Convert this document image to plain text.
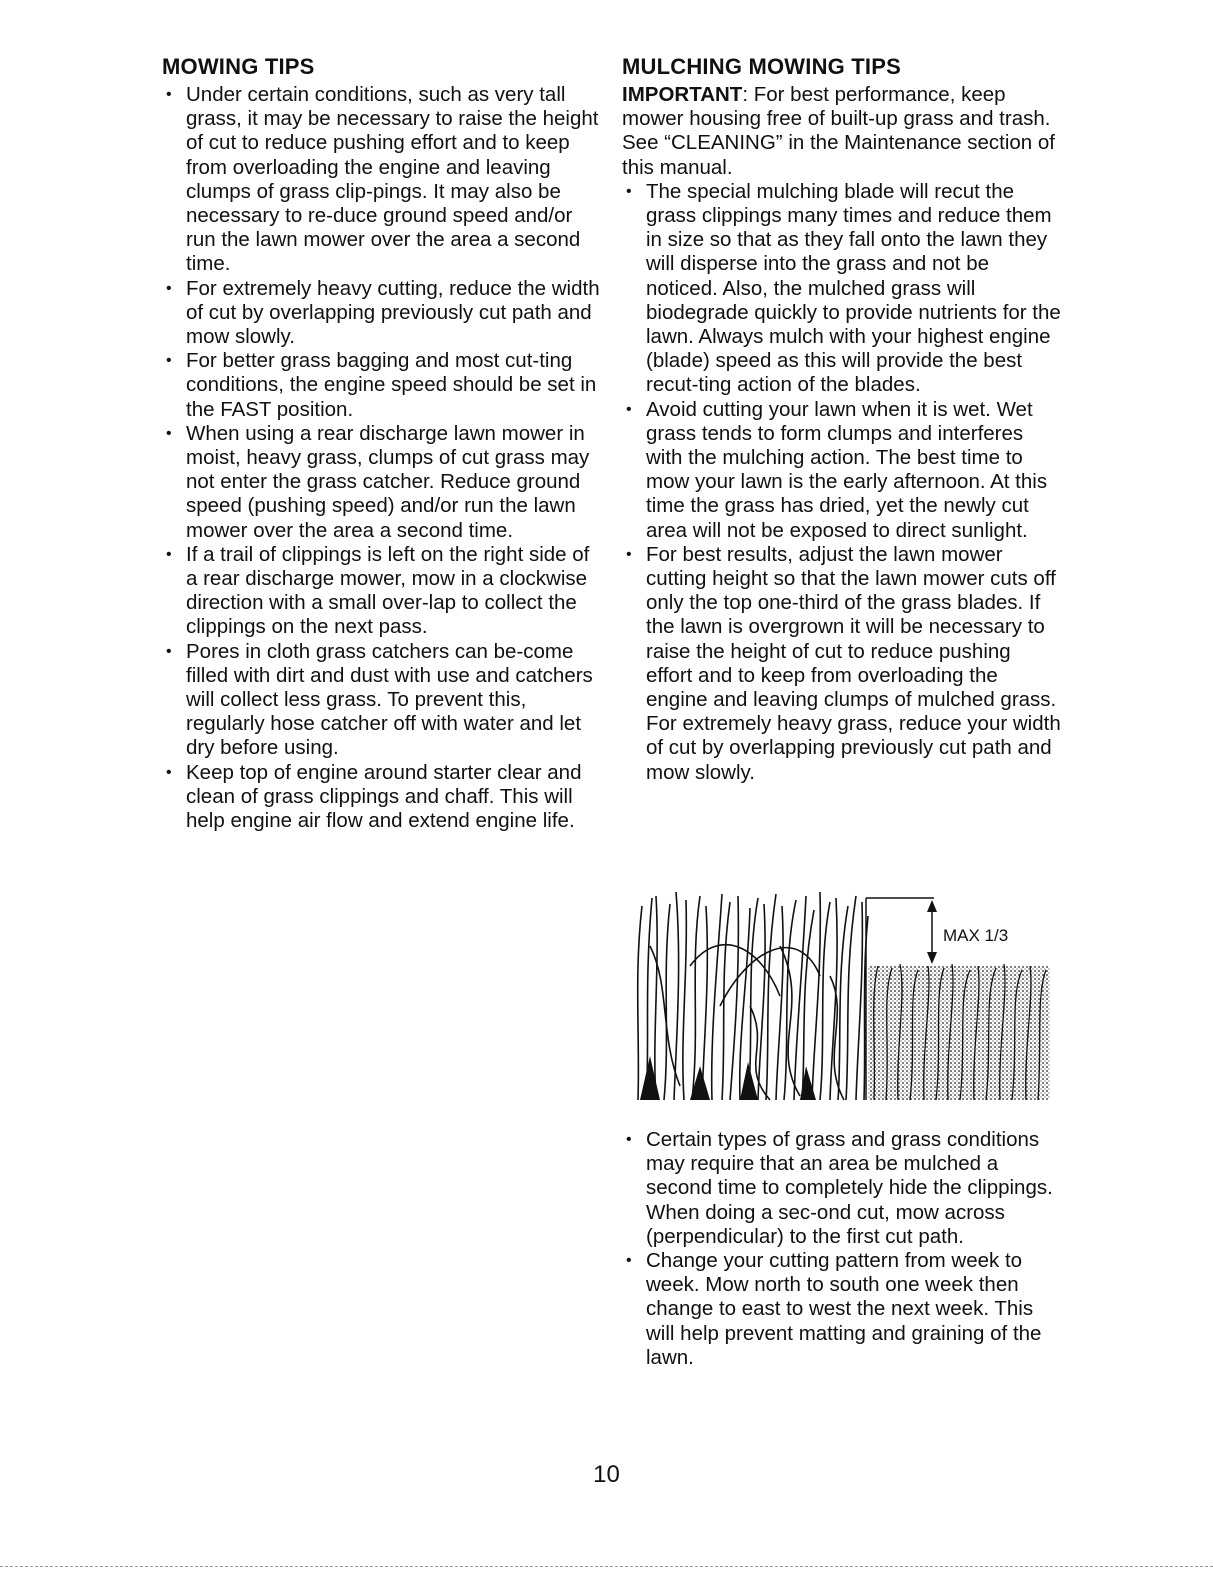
MOWING TIPS
• Under certain conditions, such as very tall grass, it may be necessary to raise the height of cut to reduce pushing effort and to keep from overloading the engine and leaving clumps of grass clip-pings. It may also be necessary to re-duce ground speed and/or run the lawn mower over the area a second time.
• For extremely heavy cutting, reduce the width of cut by overlapping previously cut path and mow slowly.
• For better grass bagging and most cut-ting conditions, the engine speed should be set in the FAST position.
• When using a rear discharge lawn mower in moist, heavy grass, clumps of cut grass may not enter the grass catcher. Reduce ground speed (pushing speed) and/or run the lawn mower over the area a second time.
• If a trail of clippings is left on the right side of a rear discharge mower, mow in a clockwise direction with a small over-lap to collect the clippings on the next pass.
• Pores in cloth grass catchers can be-come filled with dirt and dust with use and catchers will collect less grass. To prevent this, regularly hose catcher off with water and let dry before using.
• Keep top of engine around starter clear and clean of grass clippings and chaff. This will help engine air flow and extend engine life.
MULCHING MOWING TIPS

IMPORTANT: For best performance, keep mower housing free of built-up grass and trash. See “CLEANING” in the Maintenance section of this manual.

• The special mulching blade will recut the grass clippings many times and reduce them in size so that as they fall onto the lawn they will disperse into the grass and not be noticed. Also, the mulched grass will biodegrade quickly to provide nutrients for the lawn. Always mulch with your highest engine (blade) speed as this will provide the best recut-ting action of the blades.
• Avoid cutting your lawn when it is wet. Wet grass tends to form clumps and interferes with the mulching action. The best time to mow your lawn is the early afternoon. At this time the grass has dried, yet the newly cut area will not be exposed to direct sunlight.
• For best results, adjust the lawn mower cutting height so that the lawn mower cuts off only the top one-third of the grass blades. If the lawn is overgrown it will be necessary to raise the height of cut to reduce pushing effort and to keep from overloading the engine and leaving clumps of mulched grass. For extremely heavy grass, reduce your width of cut by overlapping previously cut path and mow slowly.
MAX 1/3
• Certain types of grass and grass conditions may require that an area be mulched a second time to completely hide the clippings. When doing a sec-ond cut, mow across (perpendicular) to the first cut path.
• Change your cutting pattern from week to week. Mow north to south one week then change to east to west the next week. This will help prevent matting and graining of the lawn.
10
